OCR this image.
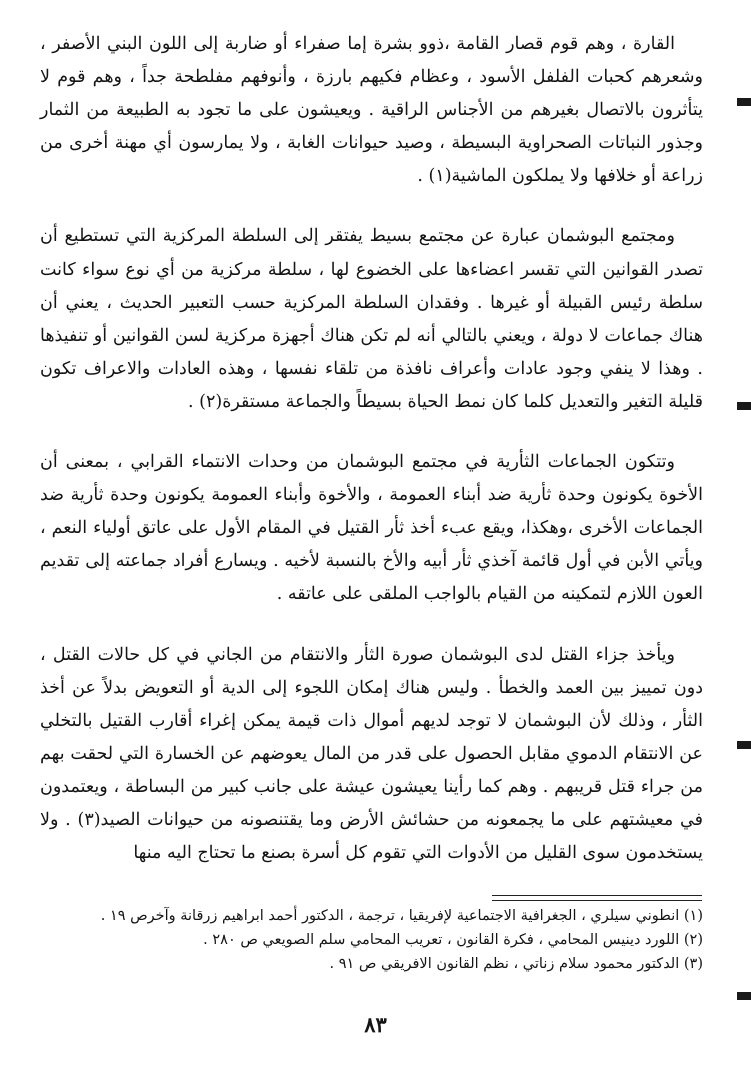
القارة ، وهم قوم قصار القامة ،ذوو بشرة إما صفراء أو ضاربة إلى اللون البني الأصفر ، وشعرهم كحبات الفلفل الأسود ، وعظام فكيهم بارزة ، وأنوفهم مفلطحة جداً ، وهم قوم لا يتأثرون بالاتصال بغيرهم من الأجناس الراقية . ويعيشون على ما تجود به الطبيعة من الثمار وجذور النباتات الصحراوية البسيطة ، وصيد حيوانات الغابة ، ولا يمارسون أي مهنة أخرى من زراعة أو خلافها ولا يملكون الماشية(١) .

ومجتمع البوشمان عبارة عن مجتمع بسيط يفتقر إلى السلطة المركزية التي تستطيع أن تصدر القوانين التي تقسر اعضاءها على الخضوع لها ، سلطة مركزية من أي نوع سواء كانت سلطة رئيس القبيلة أو غيرها . وفقدان السلطة المركزية حسب التعبير الحديث ، يعني أن هناك جماعات لا دولة ، ويعني بالتالي أنه لم تكن هناك أجهزة مركزية لسن القوانين أو تنفيذها . وهذا لا ينفي وجود عادات وأعراف نافذة من تلقاء نفسها ، وهذه العادات والاعراف تكون قليلة التغير والتعديل كلما كان نمط الحياة بسيطاً والجماعة مستقرة(٢) .

وتتكون الجماعات الثأرية في مجتمع البوشمان من وحدات الانتماء القرابي ، بمعنى أن الأخوة يكونون وحدة ثأرية ضد أبناء العمومة ، والأخوة وأبناء العمومة يكونون وحدة ثأرية ضد الجماعات الأخرى ،وهكذا، ويقع عبء أخذ ثأر القتيل في المقام الأول على عاتق أولياء النعم ، ويأتي الأبن في أول قائمة آخذي ثأر أبيه والأخ بالنسبة لأخيه . ويسارع أفراد جماعته إلى تقديم العون اللازم لتمكينه من القيام بالواجب الملقى على عاتقه .

ويأخذ جزاء القتل لدى البوشمان صورة الثأر والانتقام من الجاني في كل حالات القتل ، دون تمييز بين العمد والخطأ . وليس هناك إمكان اللجوء إلى الدية أو التعويض بدلاً عن أخذ الثأر ، وذلك لأن البوشمان لا توجد لديهم أموال ذات قيمة يمكن إغراء أقارب القتيل بالتخلي عن الانتقام الدموي مقابل الحصول على قدر من المال يعوضهم عن الخسارة التي لحقت بهم من جراء قتل قريبهم . وهم كما رأينا يعيشون عيشة على جانب كبير من البساطة ، ويعتمدون في معيشتهم على ما يجمعونه من حشائش الأرض وما يقتنصونه من حيوانات الصيد(٣) . ولا يستخدمون سوى القليل من الأدوات التي تقوم كل أسرة بصنع ما تحتاج اليه منها

(١) انطوني سيلري ، الجغرافية الاجتماعية لإفريقيا ، ترجمة ، الدكتور أحمد ابراهيم زرقانة وآخرص ١٩ .

(٢) اللورد دينيس المحامي ، فكرة القانون ، تعريب المحامي سلم الصويعي ص ٢٨٠ .

(٣) الدكتور محمود سلام زناتي ، نظم القانون الافريقي ص ٩١ .

٨٣
